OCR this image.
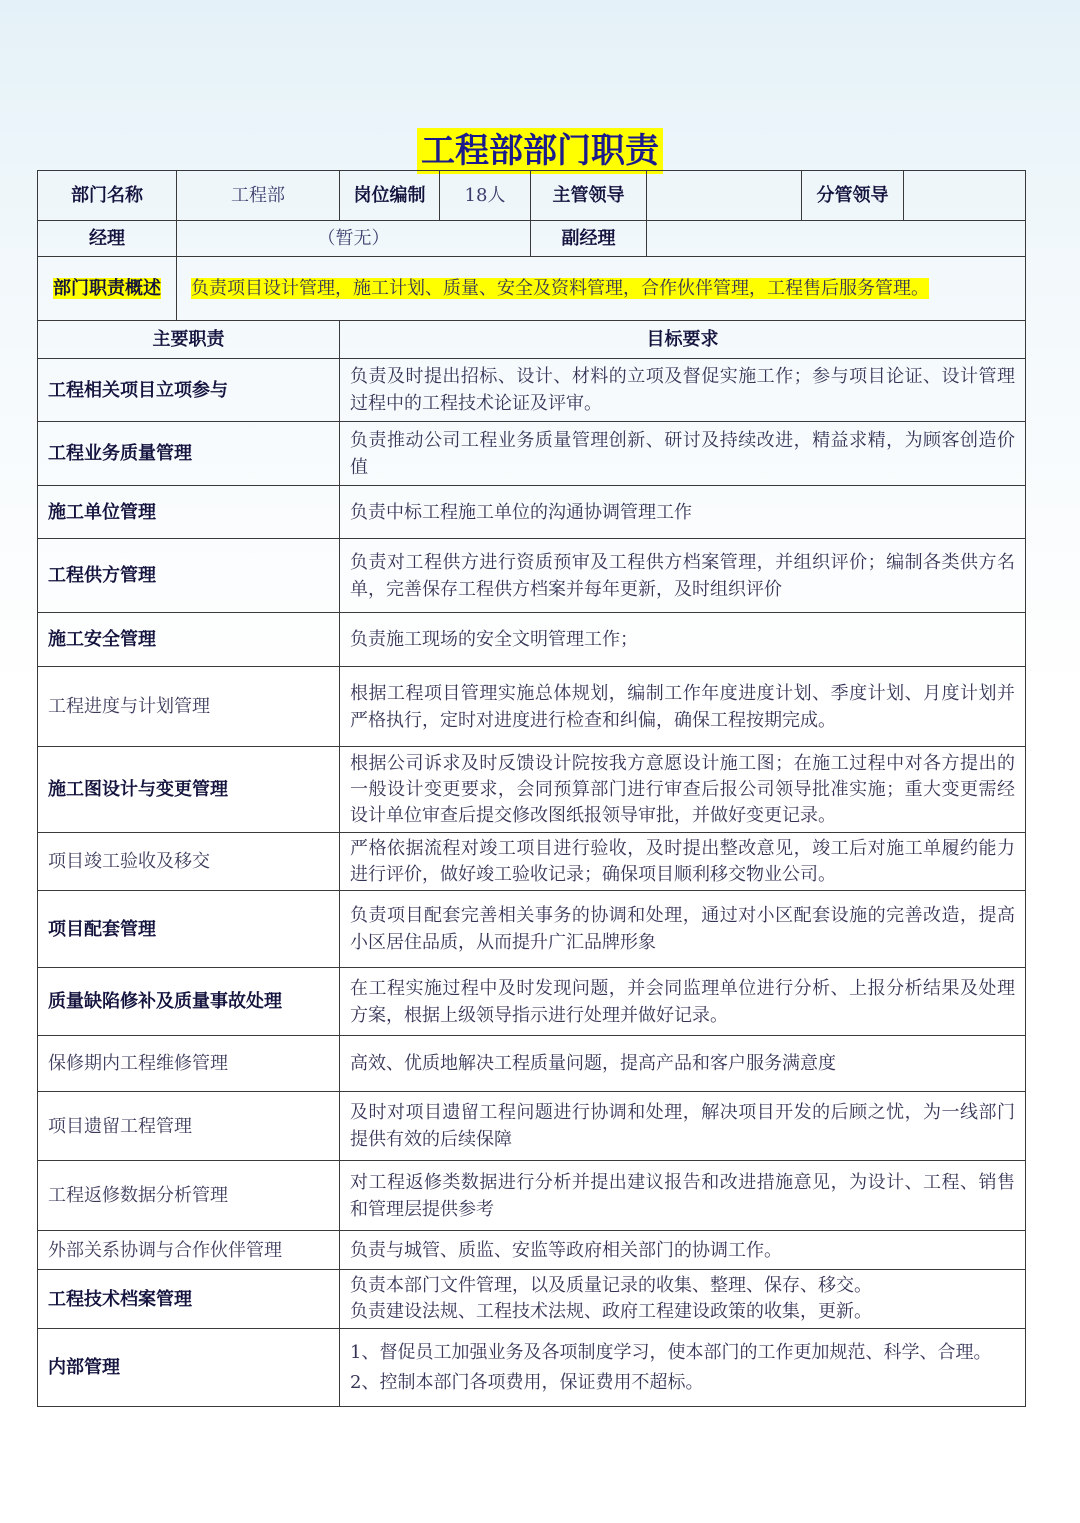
工程部部门职责
部门名称	工程部	岗位编制	18人	主管领导		分管领导	
经理	（暂无）			副经理			
部门职责概述	负责项目设计管理，施工计划、质量、安全及资料管理，合作伙伴管理，工程售后服务管理。						
主要职责	目标要求
工程相关项目立项参与	负责及时提出招标、设计、材料的立项及督促实施工作；参与项目论证、设计管理过程中的工程技术论证及评审。
工程业务质量管理	负责推动公司工程业务质量管理创新、研讨及持续改进，精益求精，为顾客创造价值
施工单位管理	负责中标工程施工单位的沟通协调管理工作
工程供方管理	负责对工程供方进行资质预审及工程供方档案管理，并组织评价；编制各类供方名单，完善保存工程供方档案并每年更新，及时组织评价
施工安全管理	负责施工现场的安全文明管理工作；
工程进度与计划管理	根据工程项目管理实施总体规划，编制工作年度进度计划、季度计划、月度计划并严格执行，定时对进度进行检查和纠偏，确保工程按期完成。
施工图设计与变更管理	根据公司诉求及时反馈设计院按我方意愿设计施工图；在施工过程中对各方提出的一般设计变更要求，会同预算部门进行审查后报公司领导批准实施；重大变更需经设计单位审查后提交修改图纸报领导审批，并做好变更记录。
项目竣工验收及移交	严格依据流程对竣工项目进行验收，及时提出整改意见，竣工后对施工单履约能力进行评价，做好竣工验收记录；确保项目顺利移交物业公司。
项目配套管理	负责项目配套完善相关事务的协调和处理，通过对小区配套设施的完善改造，提高小区居住品质，从而提升广汇品牌形象
质量缺陷修补及质量事故处理	在工程实施过程中及时发现问题，并会同监理单位进行分析、上报分析结果及处理方案，根据上级领导指示进行处理并做好记录。
保修期内工程维修管理	高效、优质地解决工程质量问题，提高产品和客户服务满意度
项目遗留工程管理	及时对项目遗留工程问题进行协调和处理，解决项目开发的后顾之忧，为一线部门提供有效的后续保障
工程返修数据分析管理	对工程返修类数据进行分析并提出建议报告和改进措施意见，为设计、工程、销售和管理层提供参考
外部关系协调与合作伙伴管理	负责与城管、质监、安监等政府相关部门的协调工作。
工程技术档案管理	负责本部门文件管理，以及质量记录的收集、整理、保存、移交。
负责建设法规、工程技术法规、政府工程建设政策的收集，更新。

内部管理	1、督促员工加强业务及各项制度学习，使本部门的工作更加规范、科学、合理。
2、控制本部门各项费用，保证费用不超标。
